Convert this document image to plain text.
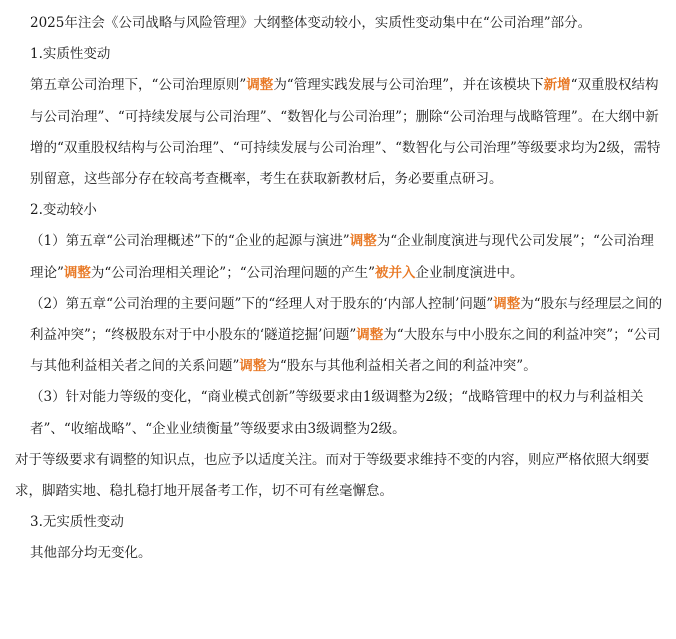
2025年注会《公司战略与风险管理》大纲整体变动较小，实质性变动集中在“公司治理”部分。

1.实质性变动

第五章公司治理下，“公司治理原则”调整为“管理实践发展与公司治理”，并在该模块下新增“双重股权结构与公司治理”、“可持续发展与公司治理”、“数智化与公司治理”；删除“公司治理与战略管理”。在大纲中新增的“双重股权结构与公司治理”、“可持续发展与公司治理”、“数智化与公司治理”等级要求均为2级，需特别留意，这些部分存在较高考查概率，考生在获取新教材后，务必要重点研习。

2.变动较小

（1）第五章“公司治理概述”下的“企业的起源与演进”调整为“企业制度演进与现代公司发展”；“公司治理理论”调整为“公司治理相关理论”；“公司治理问题的产生”被并入企业制度演进中。

（2）第五章“公司治理的主要问题”下的“经理人对于股东的‘内部人控制’问题”调整为“股东与经理层之间的利益冲突”；“终极股东对于中小股东的‘隧道挖掘’问题”调整为“大股东与中小股东之间的利益冲突”；“公司与其他利益相关者之间的关系问题”调整为“股东与其他利益相关者之间的利益冲突”。

（3）针对能力等级的变化，“商业模式创新”等级要求由1级调整为2级；“战略管理中的权力与利益相关者”、“收缩战略”、“企业业绩衡量”等级要求由3级调整为2级。

对于等级要求有调整的知识点，也应予以适度关注。而对于等级要求维持不变的内容，则应严格依照大纲要求，脚踏实地、稳扎稳打地开展备考工作，切不可有丝毫懈怠。

3.无实质性变动

其他部分均无变化。
